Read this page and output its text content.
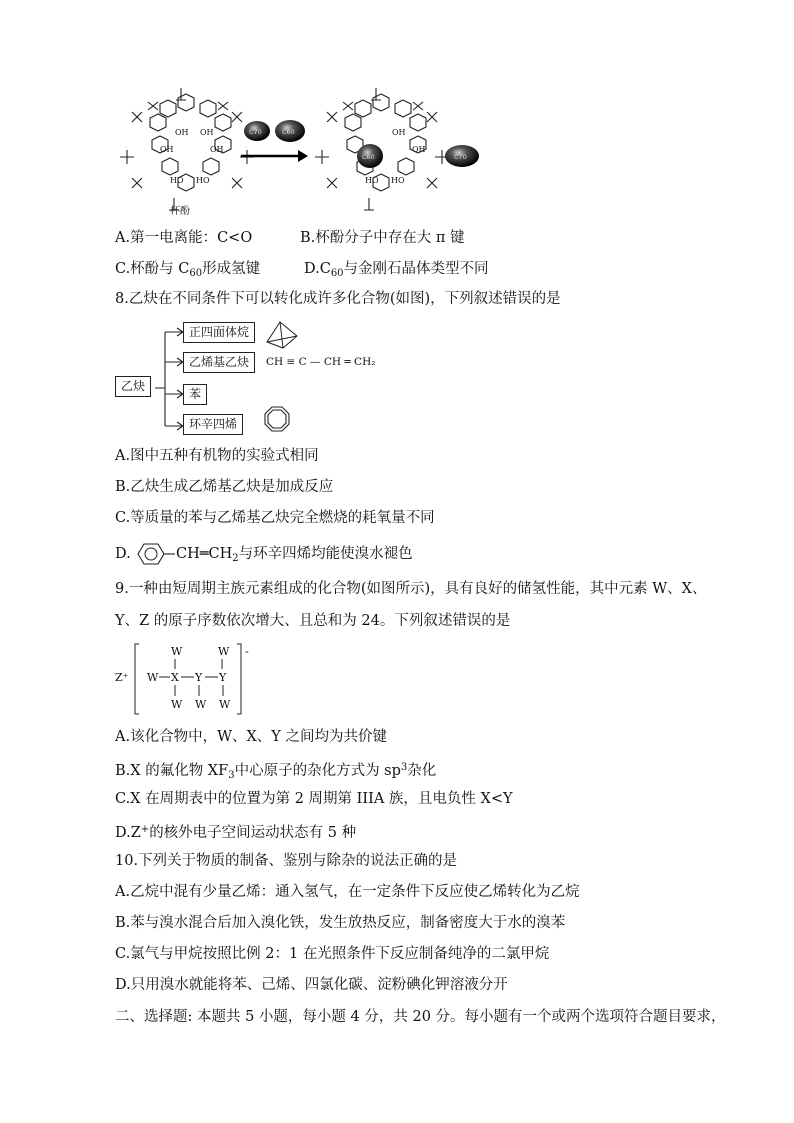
OH OH
OH	OH
HO HO
杯酚
C70	C60
C60
OH
OH
HO HO
C70
A.第一电离能：C<O	B.杯酚分子中存在大 π 键
C.杯酚与 $C_{60}$形成氢键	$D.C_{60}$与金刚石晶体类型不同
8.乙炔在不同条件下可以转化成许多化合物(如图)，下列叙述错误的是
乙炔
正四面体烷
乙烯基乙炔
苯
环辛四烯
CH ≡ C — CH ═ CH₂
A.图中五种有机物的实验式相同
B.乙炔生成乙烯基乙炔是加成反应
C.等质量的苯与乙烯基乙炔完全燃烧的耗氧量不同
D.	$CH═CH_2$与环辛四烯均能使溴水褪色
9.一种由短周期主族元素组成的化合物(如图所示)，具有良好的储氢性能，其中元素 W、X、
Y、Z 的原子序数依次增大、且总和为 24。下列叙述错误的是
Z⁺
W	W
W X Y Y
W W W
-
A.该化合物中，W、X、Y 之间均为共价键
B.X 的氟化物 $XF_3$中心原子的杂化方式为 $sp^3$杂化
C.X 在周期表中的位置为第 2 周期第 IIIA 族，且电负性 X<Y
D.Z+的核外电子空间运动状态有 5 种
10.下列关于物质的制备、鉴别与除杂的说法正确的是
A.乙烷中混有少量乙烯：通入氢气，在一定条件下反应使乙烯转化为乙烷
B.苯与溴水混合后加入溴化铁，发生放热反应，制备密度大于水的溴苯
C.氯气与甲烷按照比例 2：1 在光照条件下反应制备纯净的二氯甲烷
D.只用溴水就能将苯、己烯、四氯化碳、淀粉碘化钾溶液分开
二、选择题: 本题共 5 小题，每小题 4 分，共 20 分。每小题有一个或两个选项符合题目要求，
